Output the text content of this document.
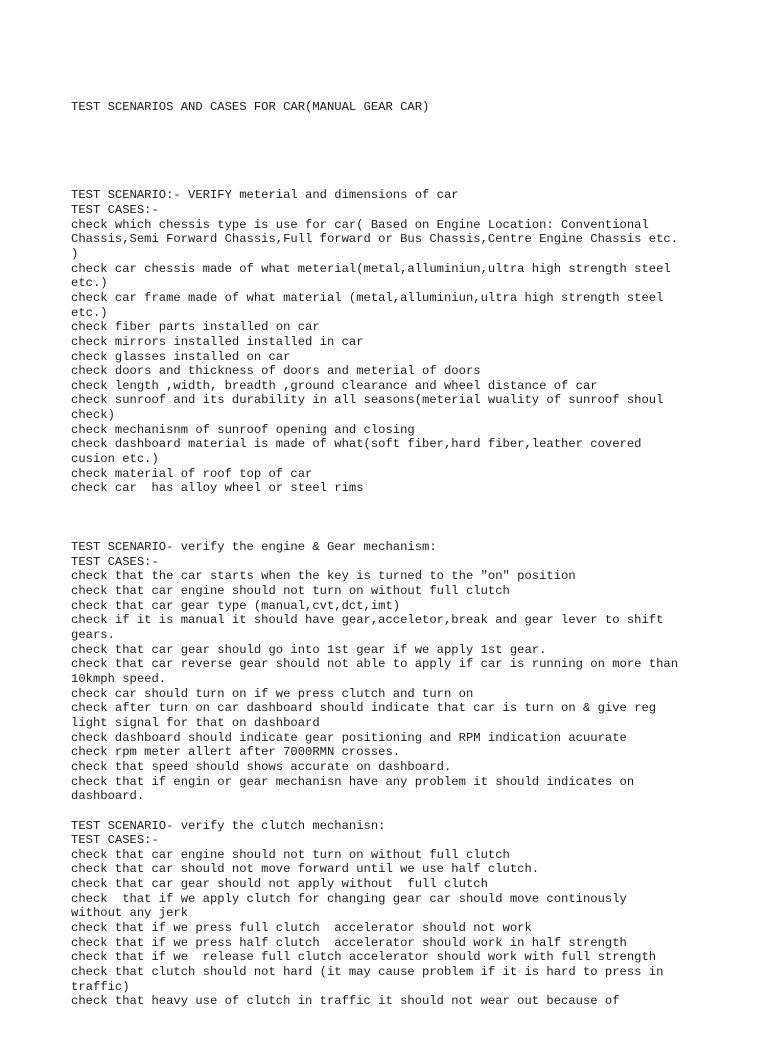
TEST SCENARIOS AND CASES FOR CAR(MANUAL GEAR CAR)

TEST SCENARIO:- VERIFY meterial and dimensions of car
TEST CASES:-
check which chessis type is use for car( Based on Engine Location: Conventional
Chassis,Semi Forward Chassis,Full forward or Bus Chassis,Centre Engine Chassis etc.
)
check car chessis made of what meterial(metal,alluminiun,ultra high strength steel
etc.)
check car frame made of what material (metal,alluminiun,ultra high strength steel
etc.)
check fiber parts installed on car
check mirrors installed installed in car
check glasses installed on car
check doors and thickness of doors and meterial of doors
check length ,width, breadth ,ground clearance and wheel distance of car
check sunroof and its durability in all seasons(meterial wuality of sunroof shoul
check)
check mechanisnm of sunroof opening and closing
check dashboard material is made of what(soft fiber,hard fiber,leather covered
cusion etc.)
check material of roof top of car
check car  has alloy wheel or steel rims
TEST SCENARIO- verify the engine & Gear mechanism:
TEST CASES:-
check that the car starts when the key is turned to the "on" position
check that car engine should not turn on without full clutch
check that car gear type (manual,cvt,dct,imt)
check if it is manual it should have gear,acceletor,break and gear lever to shift
gears.
check that car gear should go into 1st gear if we apply 1st gear.
check that car reverse gear should not able to apply if car is running on more than
10kmph speed.
check car should turn on if we press clutch and turn on
check after turn on car dashboard should indicate that car is turn on & give reg
light signal for that on dashboard
check dashboard should indicate gear positioning and RPM indication acuurate
check rpm meter allert after 7000RMN crosses.
check that speed should shows accurate on dashboard.
check that if engin or gear mechanisn have any problem it should indicates on
dashboard.
TEST SCENARIO- verify the clutch mechanisn:
TEST CASES:-
check that car engine should not turn on without full clutch
check that car should not move forward until we use half clutch.
check that car gear should not apply without  full clutch
check  that if we apply clutch for changing gear car should move continously
without any jerk
check that if we press full clutch  accelerator should not work
check that if we press half clutch  accelerator should work in half strength
check that if we  release full clutch accelerator should work with full strength
check that clutch should not hard (it may cause problem if it is hard to press in
traffic)
check that heavy use of clutch in traffic it should not wear out because of
